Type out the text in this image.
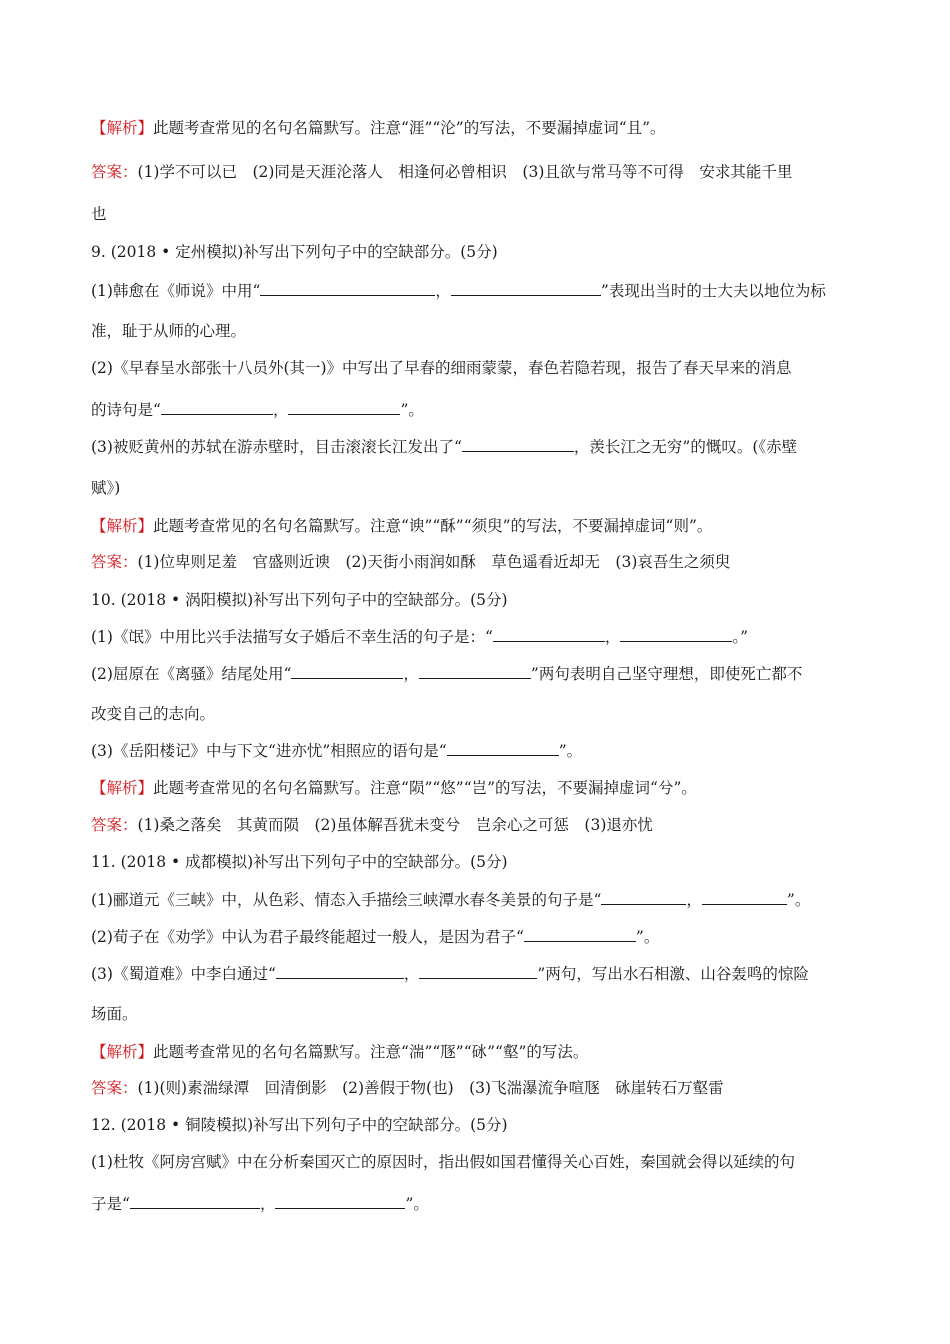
【解析】此题考查常见的名句名篇默写。注意“涯”“沦”的写法，不要漏掉虚词“且”。
答案：(1)学不可以已　(2)同是天涯沦落人　相逢何必曾相识　(3)且欲与常马等不可得　安求其能千里
也
9. (2018 • 定州模拟)补写出下列句子中的空缺部分。(5分)
(1)韩愈在《师说》中用“	，	”表现出当时的士大夫以地位为标
准，耻于从师的心理。
(2)《早春呈水部张十八员外(其一)》中写出了早春的细雨蒙蒙，春色若隐若现，报告了春天早来的消息
的诗句是“	，	”。
(3)被贬黄州的苏轼在游赤壁时，目击滚滚长江发出了“	，羡长江之无穷”的慨叹。(《赤壁
赋》)
【解析】此题考查常见的名句名篇默写。注意“谀”“酥”“须臾”的写法，不要漏掉虚词“则”。
答案：(1)位卑则足羞　官盛则近谀　(2)天街小雨润如酥　草色遥看近却无　(3)哀吾生之须臾
10. (2018 • 涡阳模拟)补写出下列句子中的空缺部分。(5分)
(1)《氓》中用比兴手法描写女子婚后不幸生活的句子是：“	，	。”
(2)屈原在《离骚》结尾处用“	，	”两句表明自己坚守理想，即使死亡都不
改变自己的志向。
(3)《岳阳楼记》中与下文“进亦忧”相照应的语句是“	”。
【解析】此题考查常见的名句名篇默写。注意“陨”“悠”“岂”的写法，不要漏掉虚词“兮”。
答案：(1)桑之落矣　其黄而陨　(2)虽体解吾犹未变兮　岂余心之可惩　(3)退亦忧
11. (2018 • 成都模拟)补写出下列句子中的空缺部分。(5分)
(1)郦道元《三峡》中，从色彩、情态入手描绘三峡潭水春冬美景的句子是“	，	”。
(2)荀子在《劝学》中认为君子最终能超过一般人，是因为君子“	”。
(3)《蜀道难》中李白通过“	，	”两句，写出水石相激、山谷轰鸣的惊险
场面。
【解析】此题考查常见的名句名篇默写。注意“湍”“豗”“砯”“壑”的写法。
答案：(1)(则)素湍绿潭　回清倒影　(2)善假于物(也)　(3)飞湍瀑流争喧豗　砯崖转石万壑雷
12. (2018 • 铜陵模拟)补写出下列句子中的空缺部分。(5分)
(1)杜牧《阿房宫赋》中在分析秦国灭亡的原因时，指出假如国君懂得关心百姓，秦国就会得以延续的句
子是“	，	”。
